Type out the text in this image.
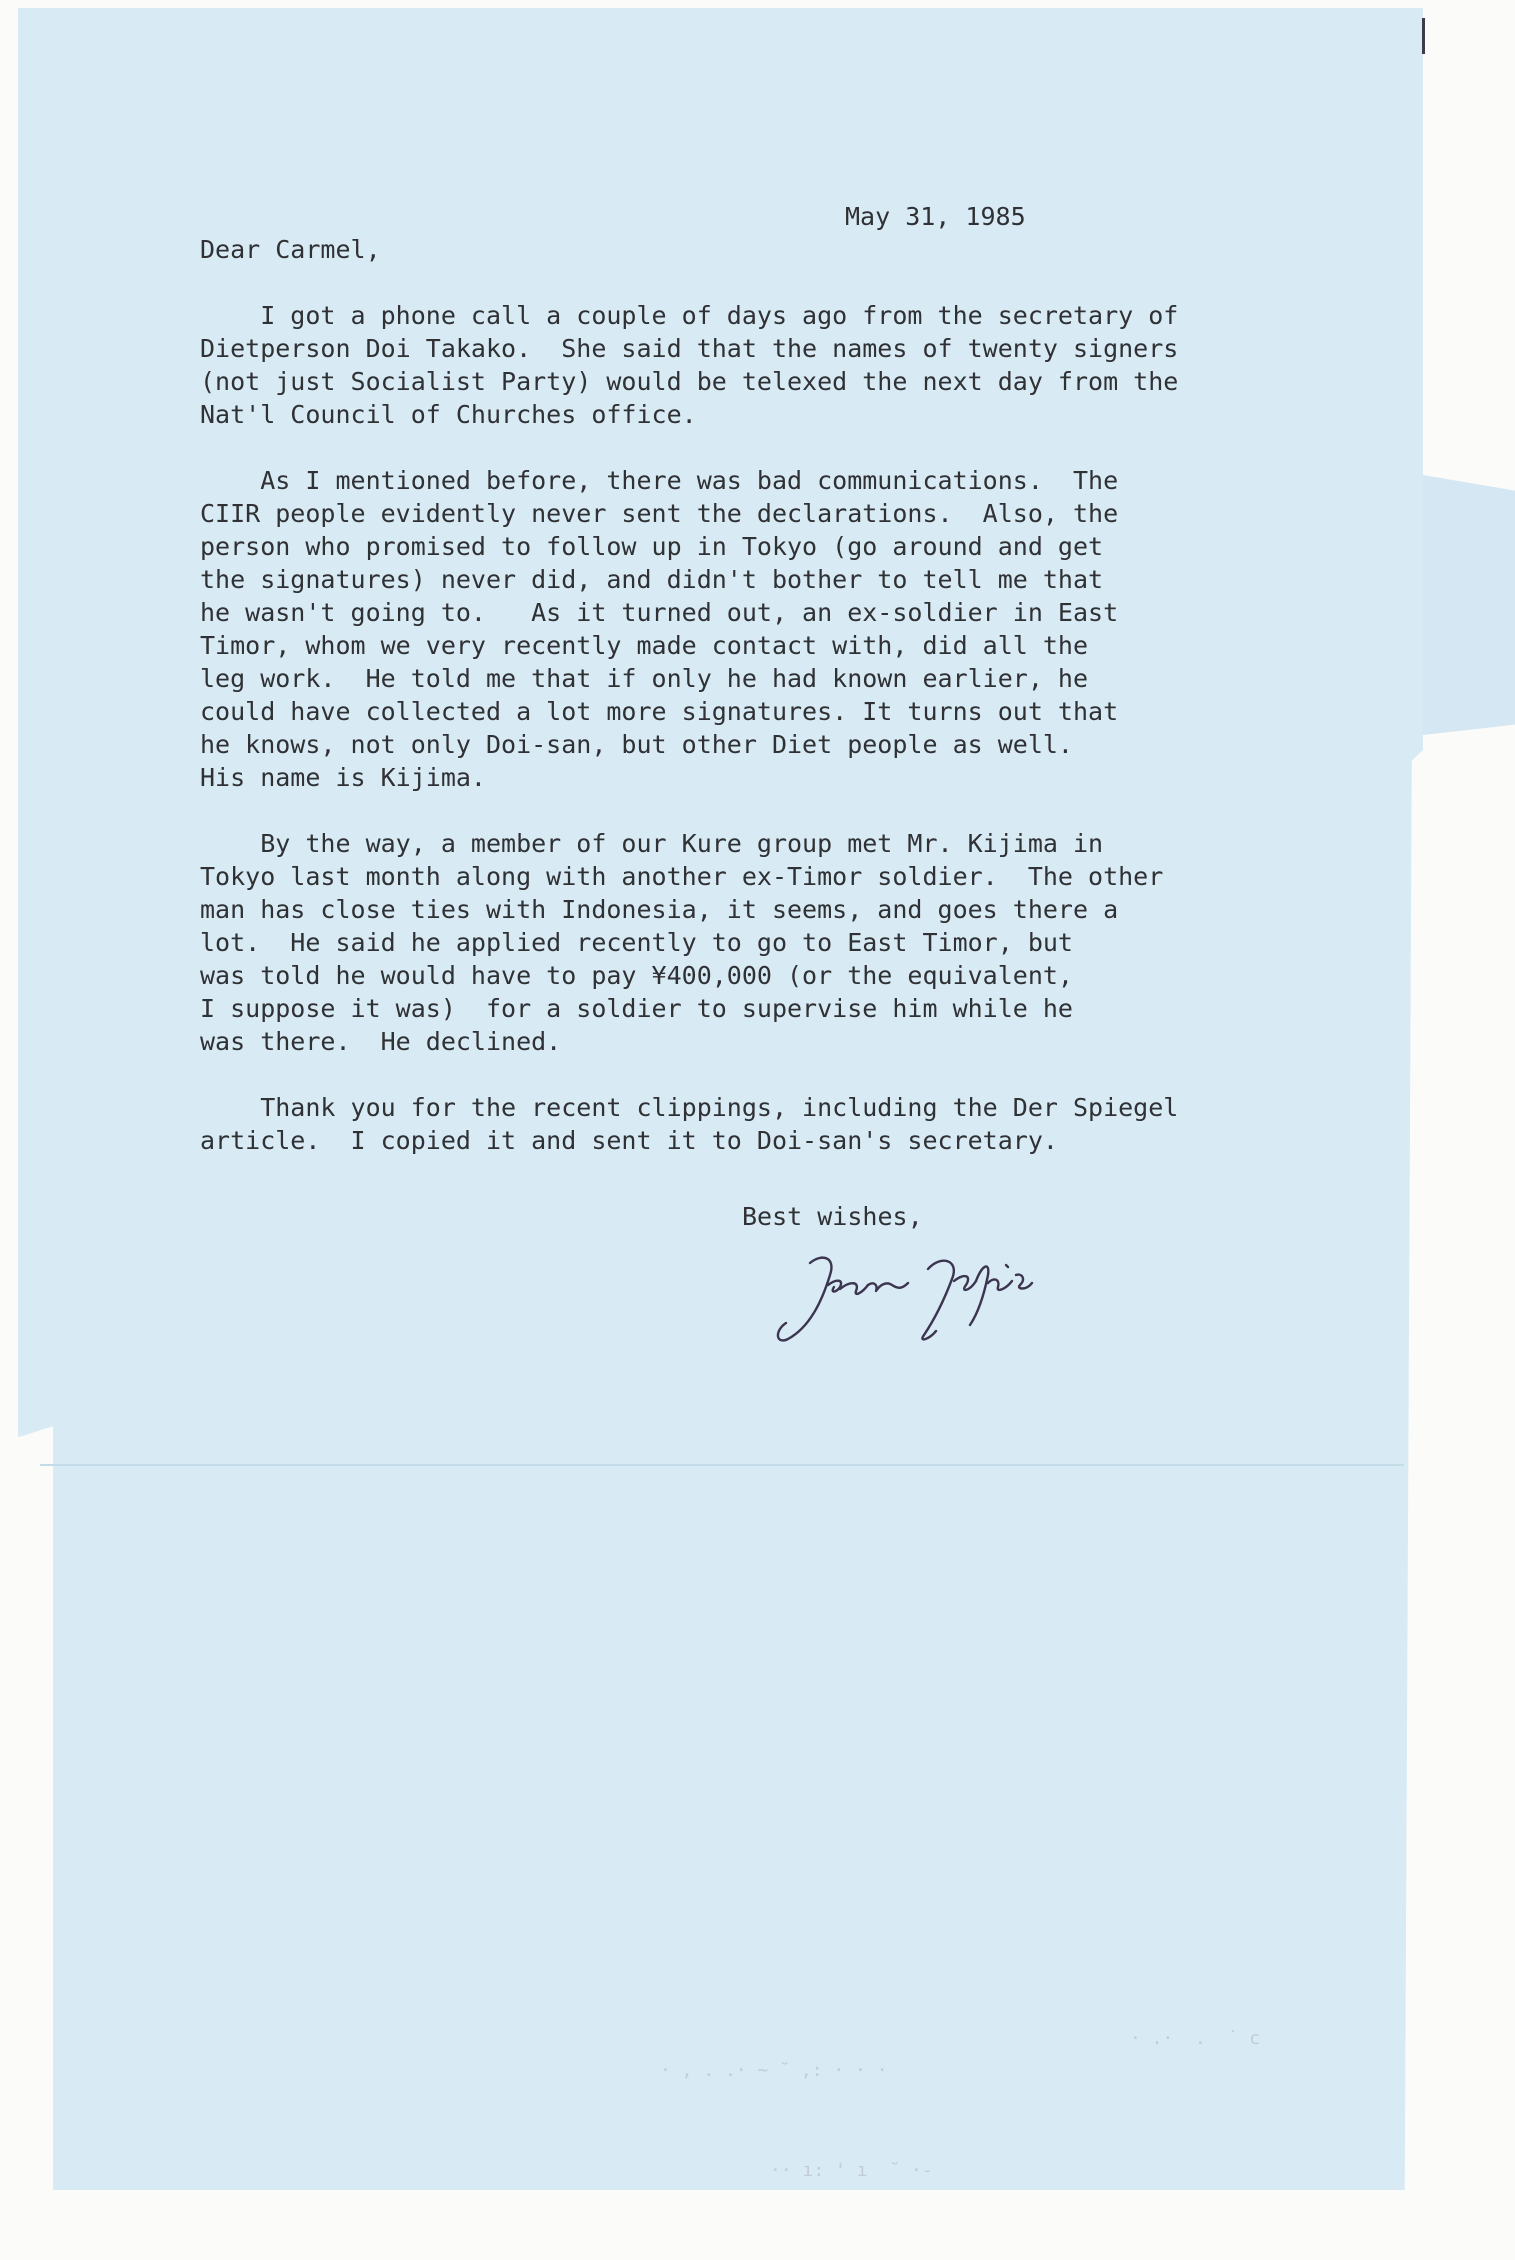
May 31, 1985
Dear Carmel,
I got a phone call a couple of days ago from the secretary of
Dietperson Doi Takako.  She said that the names of twenty signers
(not just Socialist Party) would be telexed the next day from the
Nat'l Council of Churches office.
As I mentioned before, there was bad communications.  The
CIIR people evidently never sent the declarations.  Also, the
person who promised to follow up in Tokyo (go around and get
the signatures) never did, and didn't bother to tell me that
he wasn't going to.   As it turned out, an ex-soldier in East
Timor, whom we very recently made contact with, did all the
leg work.  He told me that if only he had known earlier, he
could have collected a lot more signatures. It turns out that
he knows, not only Doi-san, but other Diet people as well.
His name is Kijima.
By the way, a member of our Kure group met Mr. Kijima in
Tokyo last month along with another ex-Timor soldier.  The other
man has close ties with Indonesia, it seems, and goes there a
lot.  He said he applied recently to go to East Timor, but
was told he would have to pay ¥400,000 (or the equivalent,
I suppose it was)  for a soldier to supervise him while he
was there.  He declined.
Thank you for the recent clippings, including the Der Spiegel
article.  I copied it and sent it to Doi-san's secretary.
Best wishes,
· , . .· ~ ˘ ,: · · ·
· .·  .  ˙ c
·· ı: ' ı  ˘ ·-
